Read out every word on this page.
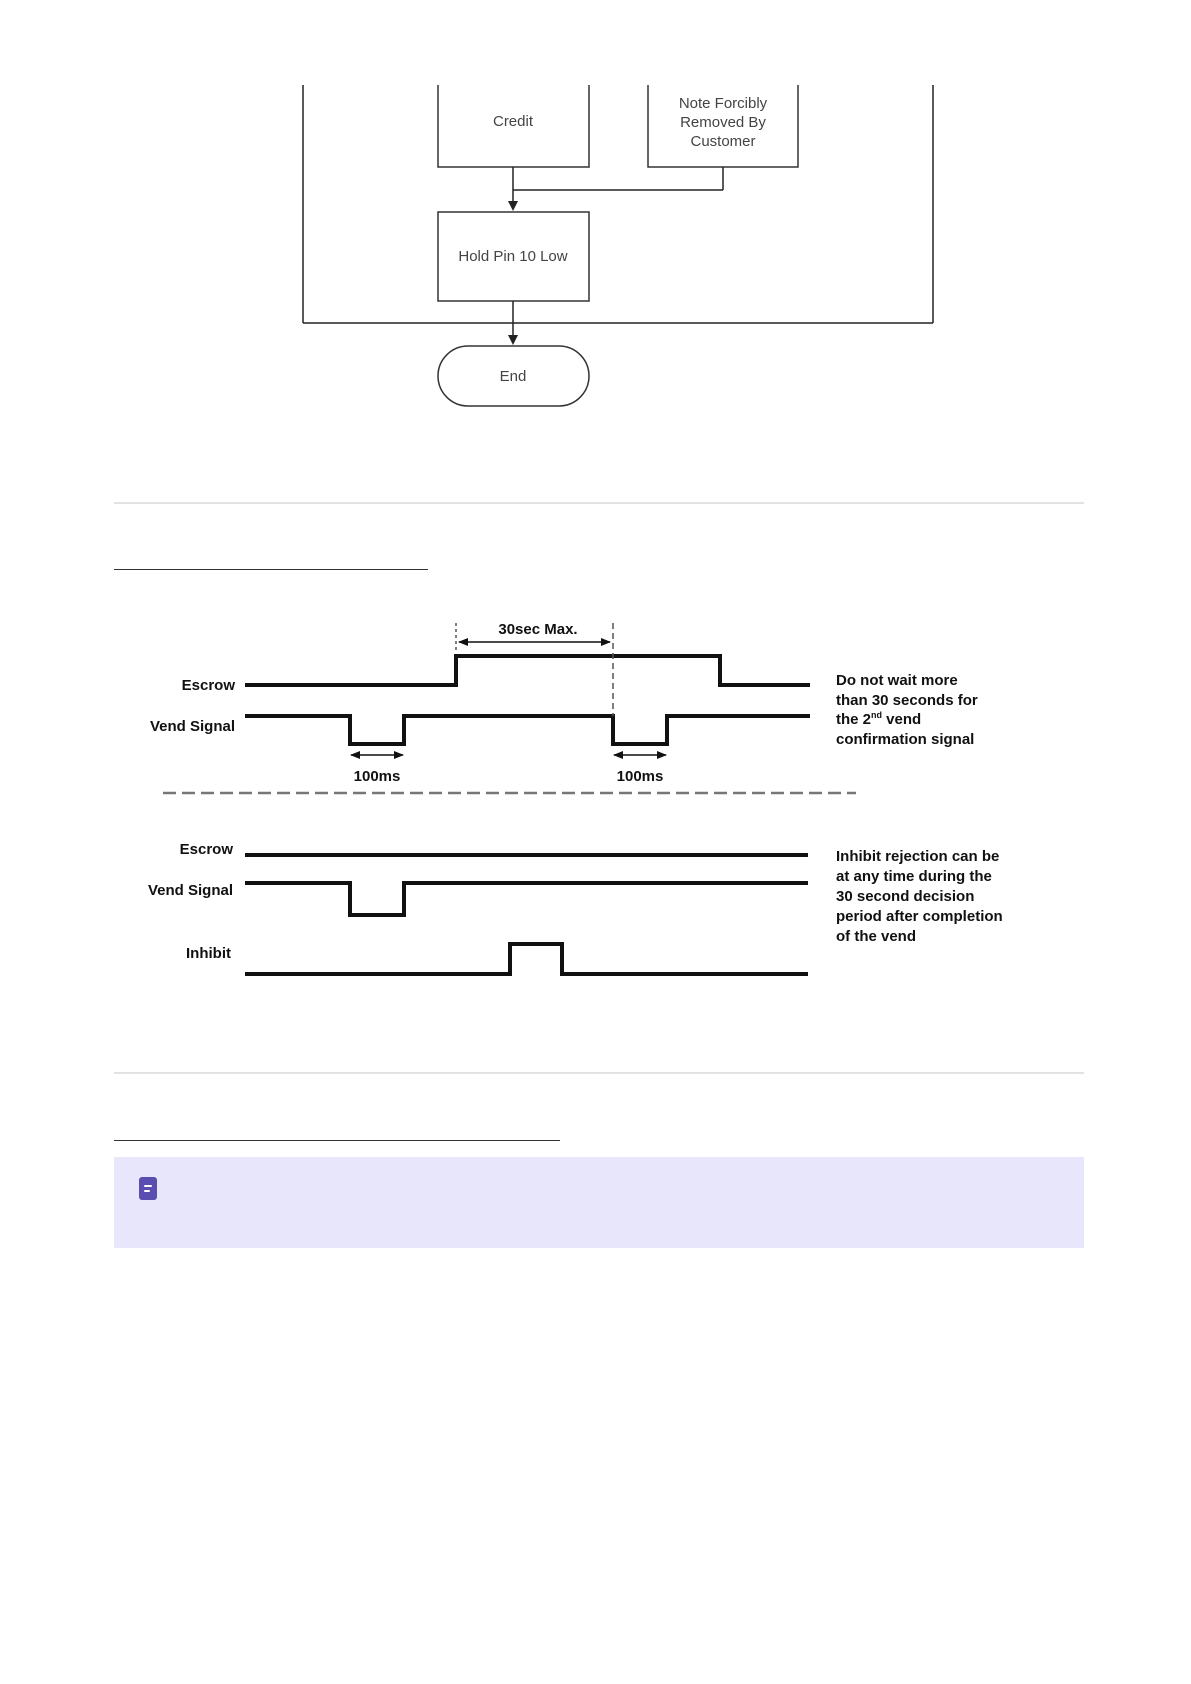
Credit
Note Forcibly
Removed By
Customer
Hold Pin 10 Low
End
Escrow
Vend Signal
30sec Max.
100ms	100ms
Do not wait more
than 30 seconds for
the 2nd vend
confirmation signal
Escrow
Vend Signal
Inhibit
Inhibit rejection can be
at any time during the
30 second decision
period after completion
of the vend
